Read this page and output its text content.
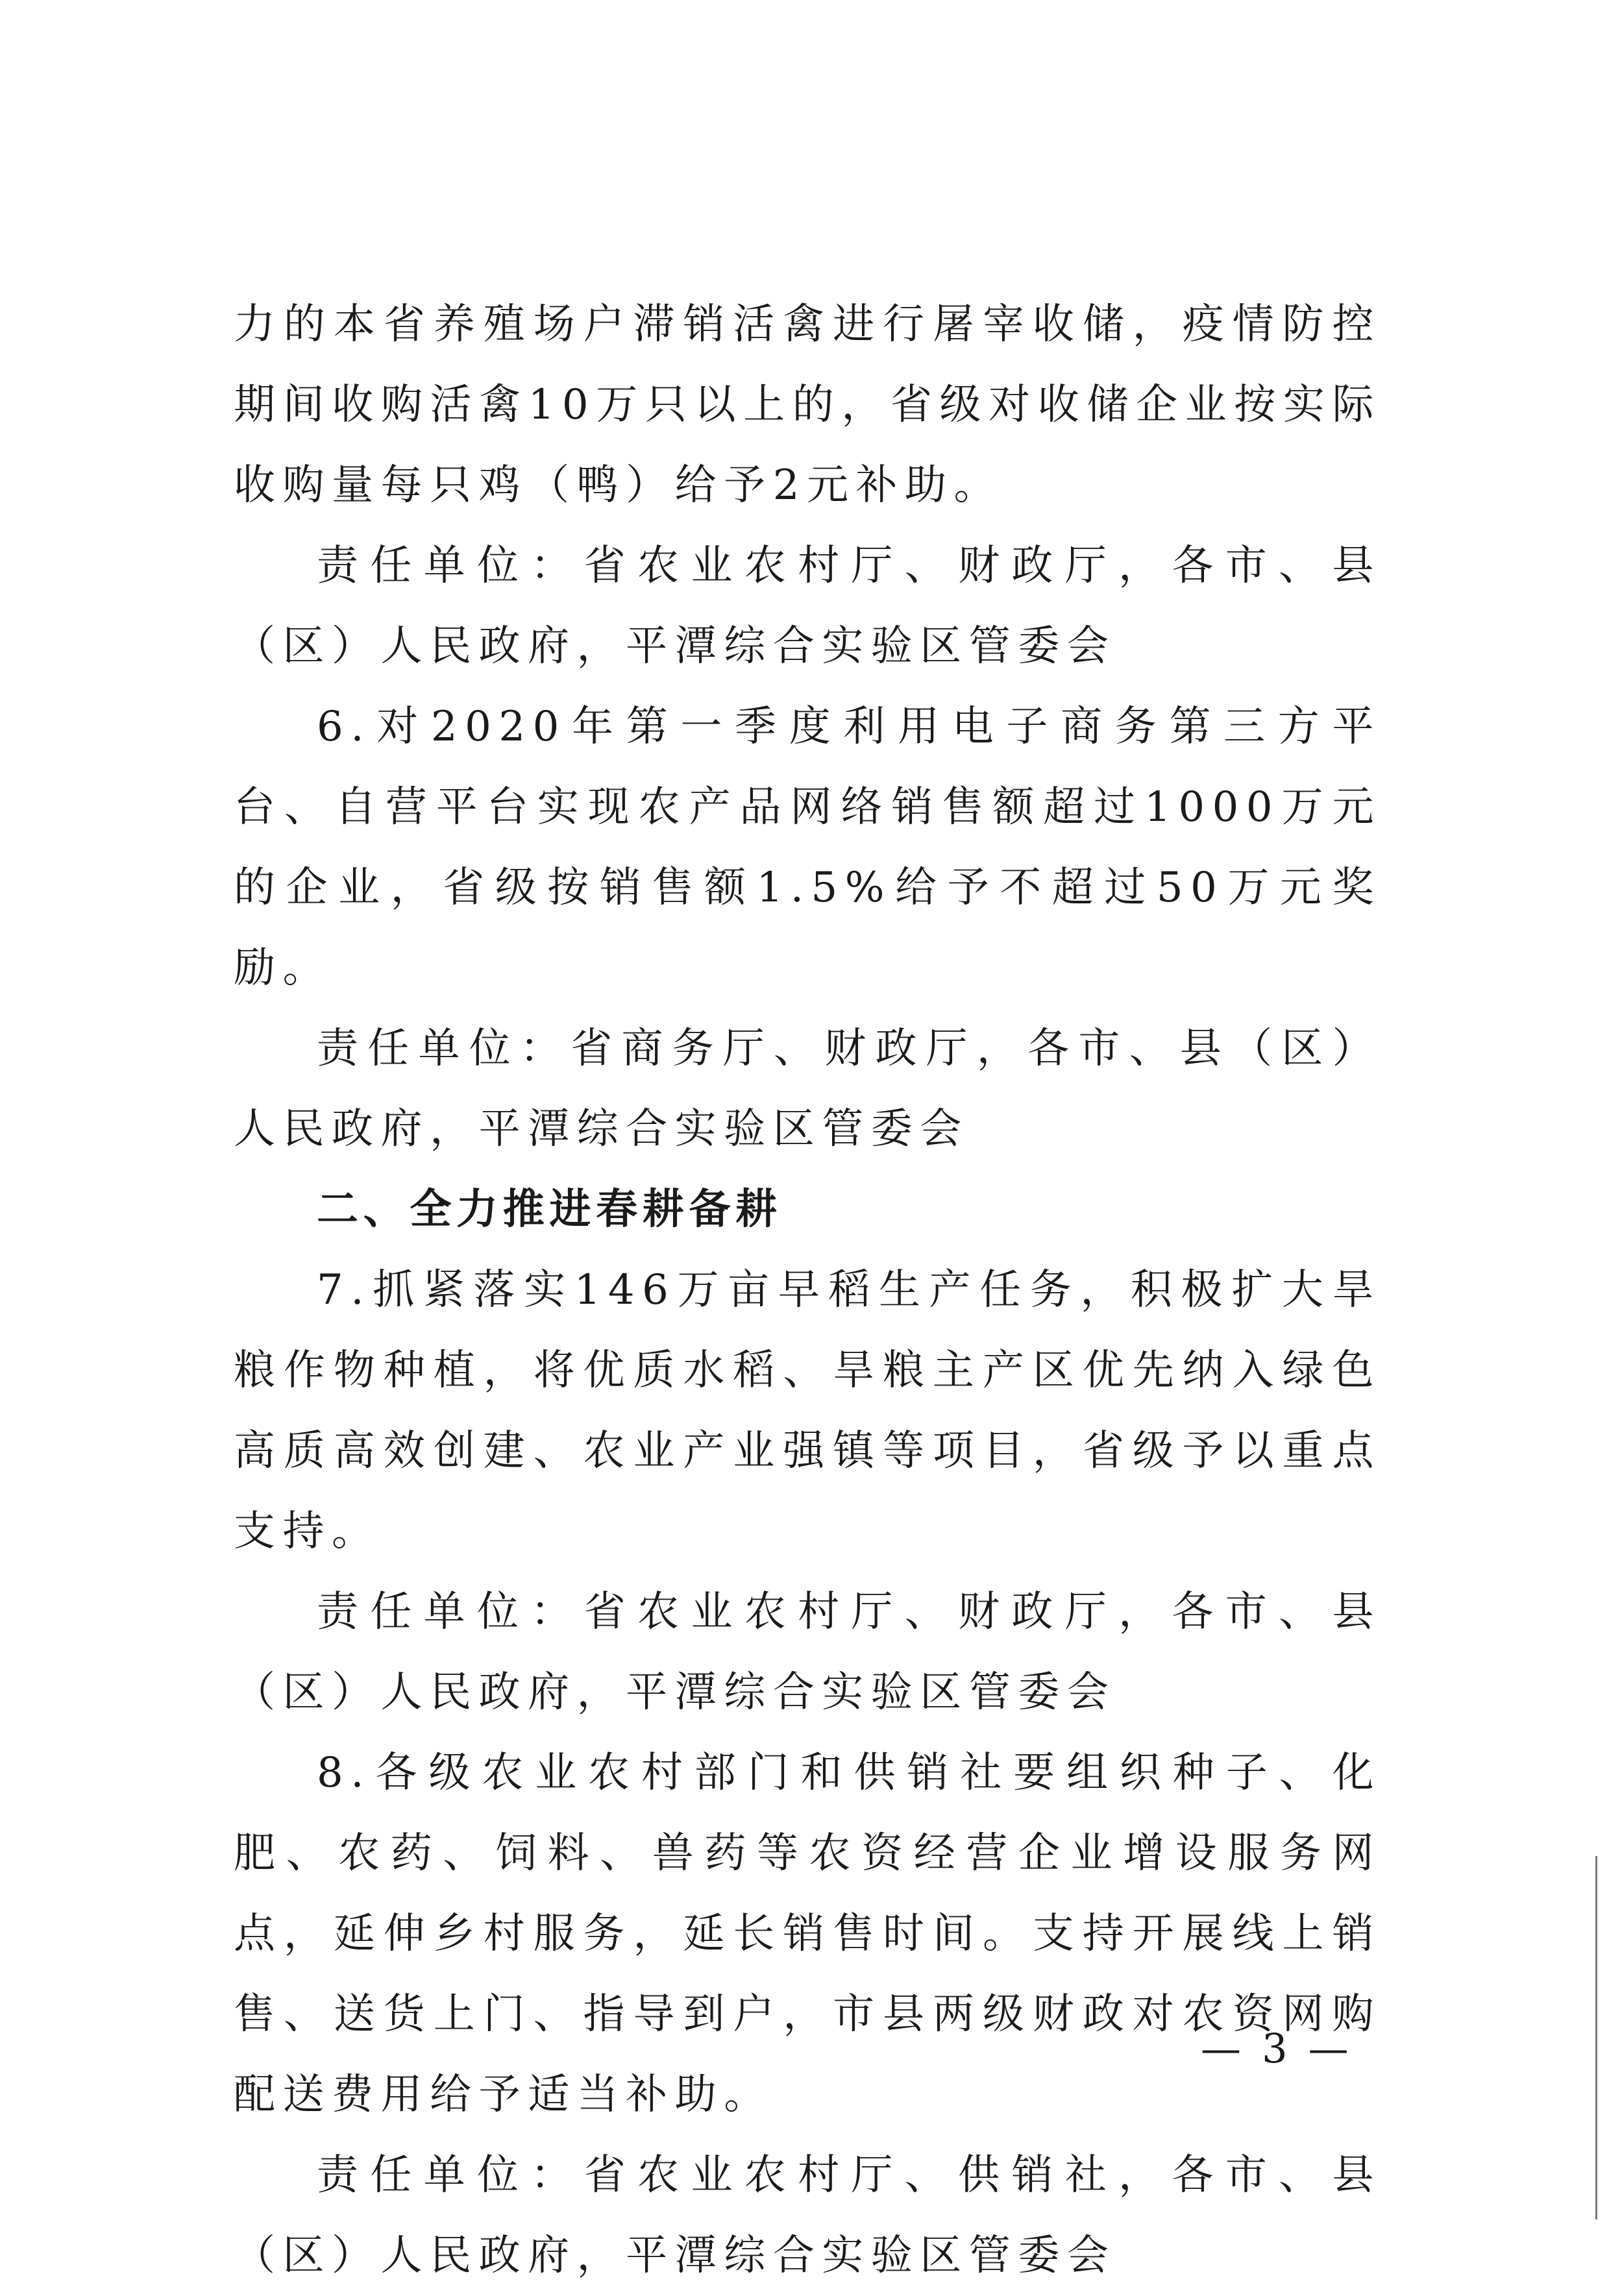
力的本省养殖场户滞销活禽进行屠宰收储，疫情防控期间收购活禽10万只以上的，省级对收储企业按实际收购量每只鸡（鸭）给予2元补助。

责任单位：省农业农村厅、财政厅，各市、县（区）人民政府，平潭综合实验区管委会

6.对2020年第一季度利用电子商务第三方平台、自营平台实现农产品网络销售额超过1000万元的企业，省级按销售额1.5%给予不超过50万元奖励。

责任单位：省商务厅、财政厅，各市、县（区）人民政府，平潭综合实验区管委会

二、全力推进春耕备耕

7.抓紧落实146万亩早稻生产任务，积极扩大旱粮作物种植，将优质水稻、旱粮主产区优先纳入绿色高质高效创建、农业产业强镇等项目，省级予以重点支持。

责任单位：省农业农村厅、财政厅，各市、县（区）人民政府，平潭综合实验区管委会

8.各级农业农村部门和供销社要组织种子、化肥、农药、饲料、兽药等农资经营企业增设服务网点，延伸乡村服务，延长销售时间。支持开展线上销售、送货上门、指导到户，市县两级财政对农资网购配送费用给予适当补助。

责任单位：省农业农村厅、供销社，各市、县（区）人民政府，平潭综合实验区管委会

— 3 —
